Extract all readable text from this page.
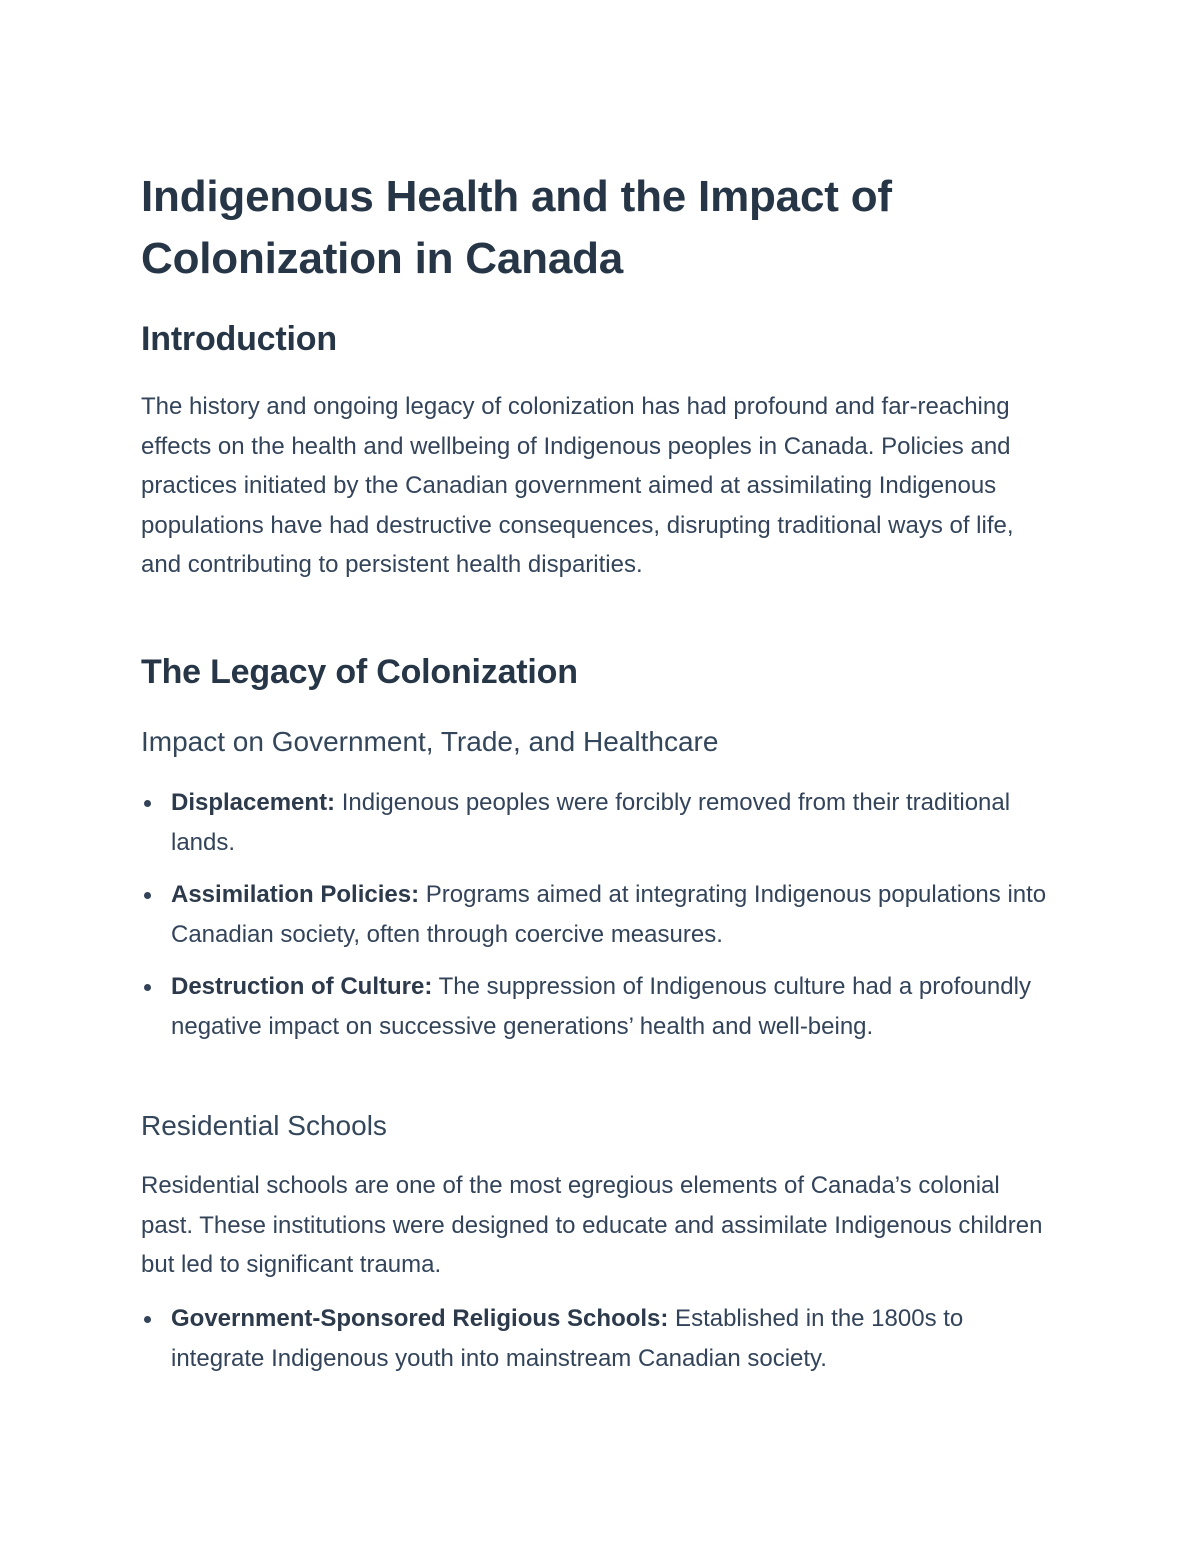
Indigenous Health and the Impact of Colonization in Canada
Introduction

The history and ongoing legacy of colonization has had profound and far-reaching effects on the health and wellbeing of Indigenous peoples in Canada. Policies and practices initiated by the Canadian government aimed at assimilating Indigenous populations have had destructive consequences, disrupting traditional ways of life, and contributing to persistent health disparities.

The Legacy of Colonization
Impact on Government, Trade, and Healthcare
Displacement: Indigenous peoples were forcibly removed from their traditional lands.
Assimilation Policies: Programs aimed at integrating Indigenous populations into Canadian society, often through coercive measures.
Destruction of Culture: The suppression of Indigenous culture had a profoundly negative impact on successive generations’ health and well-being.
Residential Schools

Residential schools are one of the most egregious elements of Canada’s colonial past. These institutions were designed to educate and assimilate Indigenous children but led to significant trauma.

Government-Sponsored Religious Schools: Established in the 1800s to integrate Indigenous youth into mainstream Canadian society.
